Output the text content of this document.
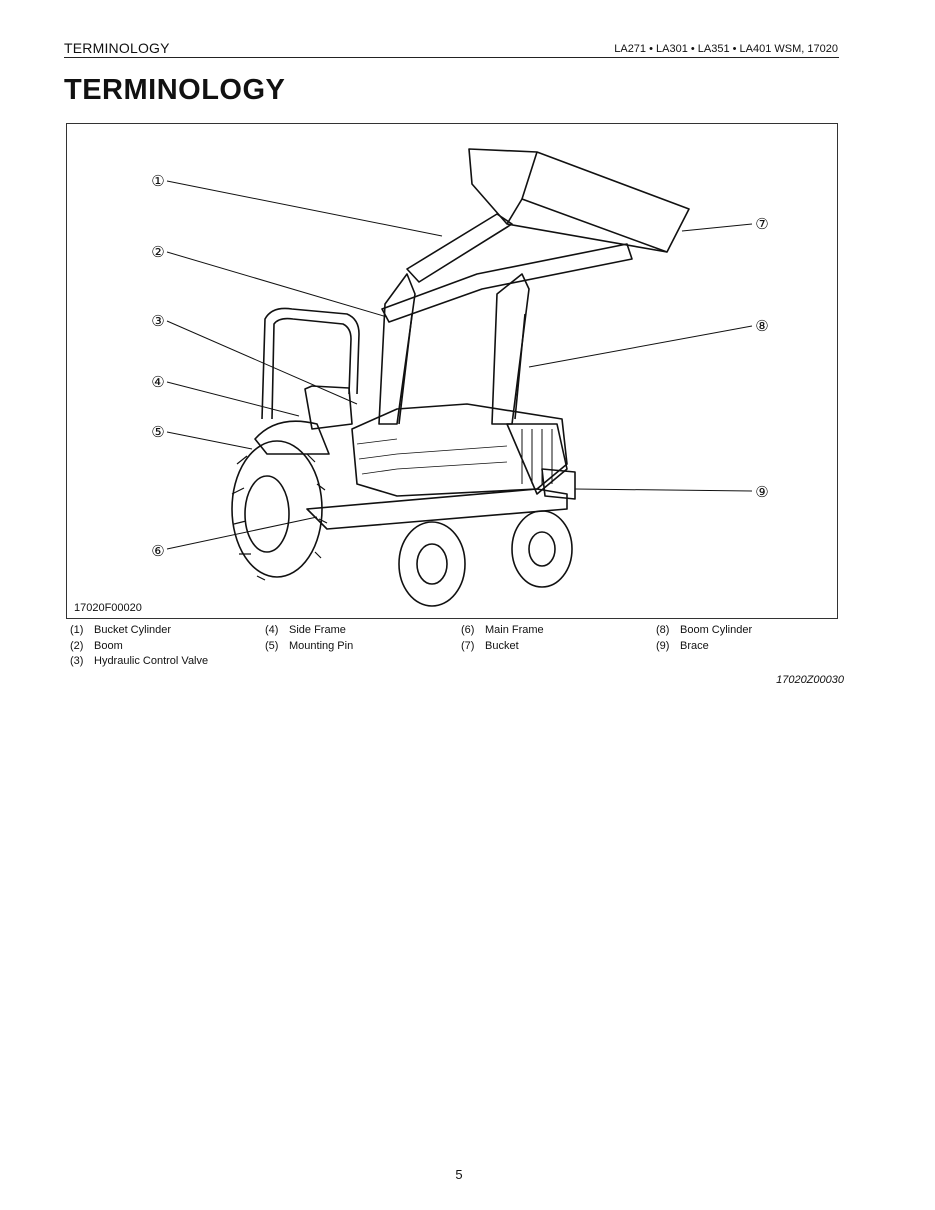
TERMINOLOGY	LA271 • LA301 • LA351 • LA401 WSM, 17020
TERMINOLOGY
①
②
③
④
⑤
⑥
⑦
⑧
⑨
17020F00020
(1) Bucket Cylinder
(2) Boom
(3) Hydraulic Control Valve
(4) Side Frame
(5) Mounting Pin
(6) Main Frame
(7) Bucket
(8) Boom Cylinder
(9) Brace
17020Z00030
5
